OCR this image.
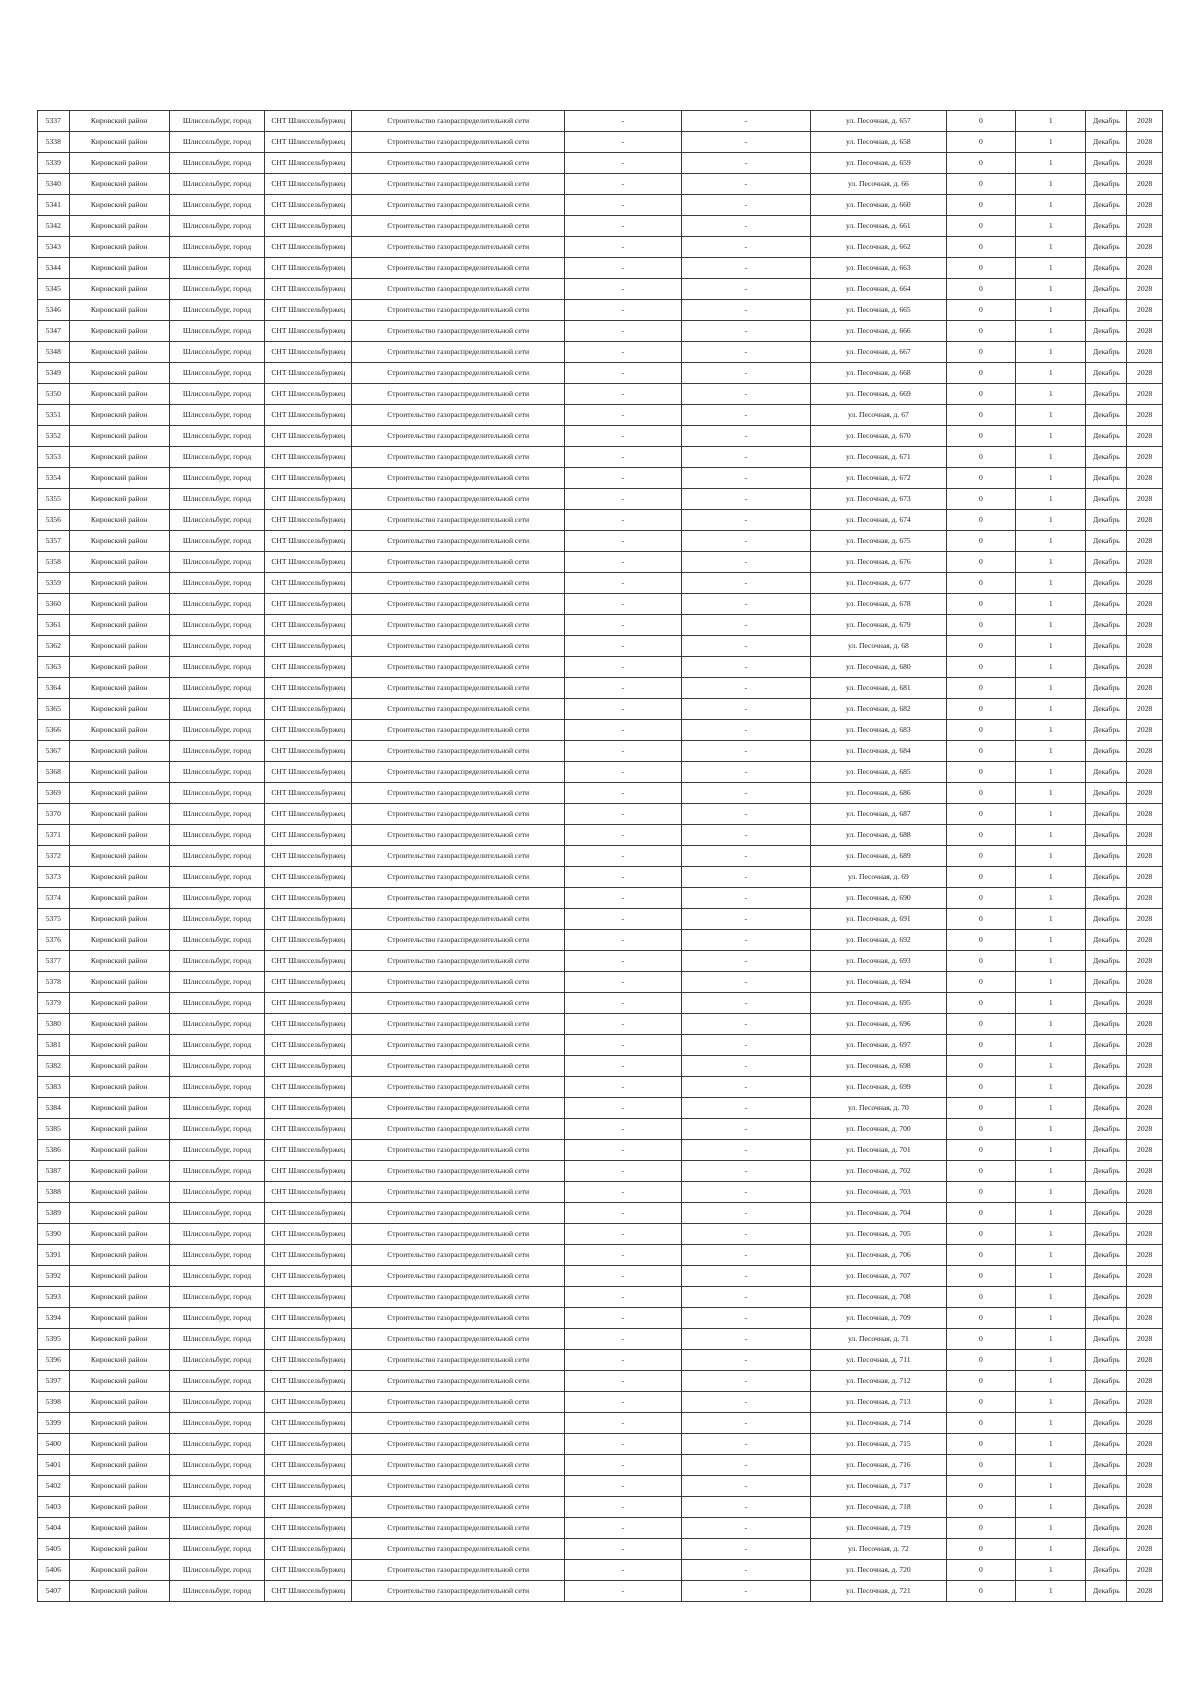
5337	Кировский район	Шлиссельбург, город	СНТ Шлиссельбуржец	Строительство газораспределительной сети	-	-	ул. Песочная, д. 657	0	1	Декабрь	2028
5338	Кировский район	Шлиссельбург, город	СНТ Шлиссельбуржец	Строительство газораспределительной сети	-	-	ул. Песочная, д. 658	0	1	Декабрь	2028
5339	Кировский район	Шлиссельбург, город	СНТ Шлиссельбуржец	Строительство газораспределительной сети	-	-	ул. Песочная, д. 659	0	1	Декабрь	2028
5340	Кировский район	Шлиссельбург, город	СНТ Шлиссельбуржец	Строительство газораспределительной сети	-	-	ул. Песочная, д. 66	0	1	Декабрь	2028
5341	Кировский район	Шлиссельбург, город	СНТ Шлиссельбуржец	Строительство газораспределительной сети	-	-	ул. Песочная, д. 660	0	1	Декабрь	2028
5342	Кировский район	Шлиссельбург, город	СНТ Шлиссельбуржец	Строительство газораспределительной сети	-	-	ул. Песочная, д. 661	0	1	Декабрь	2028
5343	Кировский район	Шлиссельбург, город	СНТ Шлиссельбуржец	Строительство газораспределительной сети	-	-	ул. Песочная, д. 662	0	1	Декабрь	2028
5344	Кировский район	Шлиссельбург, город	СНТ Шлиссельбуржец	Строительство газораспределительной сети	-	-	ул. Песочная, д. 663	0	1	Декабрь	2028
5345	Кировский район	Шлиссельбург, город	СНТ Шлиссельбуржец	Строительство газораспределительной сети	-	-	ул. Песочная, д. 664	0	1	Декабрь	2028
5346	Кировский район	Шлиссельбург, город	СНТ Шлиссельбуржец	Строительство газораспределительной сети	-	-	ул. Песочная, д. 665	0	1	Декабрь	2028
5347	Кировский район	Шлиссельбург, город	СНТ Шлиссельбуржец	Строительство газораспределительной сети	-	-	ул. Песочная, д. 666	0	1	Декабрь	2028
5348	Кировский район	Шлиссельбург, город	СНТ Шлиссельбуржец	Строительство газораспределительной сети	-	-	ул. Песочная, д. 667	0	1	Декабрь	2028
5349	Кировский район	Шлиссельбург, город	СНТ Шлиссельбуржец	Строительство газораспределительной сети	-	-	ул. Песочная, д. 668	0	1	Декабрь	2028
5350	Кировский район	Шлиссельбург, город	СНТ Шлиссельбуржец	Строительство газораспределительной сети	-	-	ул. Песочная, д. 669	0	1	Декабрь	2028
5351	Кировский район	Шлиссельбург, город	СНТ Шлиссельбуржец	Строительство газораспределительной сети	-	-	ул. Песочная, д. 67	0	1	Декабрь	2028
5352	Кировский район	Шлиссельбург, город	СНТ Шлиссельбуржец	Строительство газораспределительной сети	-	-	ул. Песочная, д. 670	0	1	Декабрь	2028
5353	Кировский район	Шлиссельбург, город	СНТ Шлиссельбуржец	Строительство газораспределительной сети	-	-	ул. Песочная, д. 671	0	1	Декабрь	2028
5354	Кировский район	Шлиссельбург, город	СНТ Шлиссельбуржец	Строительство газораспределительной сети	-	-	ул. Песочная, д. 672	0	1	Декабрь	2028
5355	Кировский район	Шлиссельбург, город	СНТ Шлиссельбуржец	Строительство газораспределительной сети	-	-	ул. Песочная, д. 673	0	1	Декабрь	2028
5356	Кировский район	Шлиссельбург, город	СНТ Шлиссельбуржец	Строительство газораспределительной сети	-	-	ул. Песочная, д. 674	0	1	Декабрь	2028
5357	Кировский район	Шлиссельбург, город	СНТ Шлиссельбуржец	Строительство газораспределительной сети	-	-	ул. Песочная, д. 675	0	1	Декабрь	2028
5358	Кировский район	Шлиссельбург, город	СНТ Шлиссельбуржец	Строительство газораспределительной сети	-	-	ул. Песочная, д. 676	0	1	Декабрь	2028
5359	Кировский район	Шлиссельбург, город	СНТ Шлиссельбуржец	Строительство газораспределительной сети	-	-	ул. Песочная, д. 677	0	1	Декабрь	2028
5360	Кировский район	Шлиссельбург, город	СНТ Шлиссельбуржец	Строительство газораспределительной сети	-	-	ул. Песочная, д. 678	0	1	Декабрь	2028
5361	Кировский район	Шлиссельбург, город	СНТ Шлиссельбуржец	Строительство газораспределительной сети	-	-	ул. Песочная, д. 679	0	1	Декабрь	2028
5362	Кировский район	Шлиссельбург, город	СНТ Шлиссельбуржец	Строительство газораспределительной сети	-	-	ул. Песочная, д. 68	0	1	Декабрь	2028
5363	Кировский район	Шлиссельбург, город	СНТ Шлиссельбуржец	Строительство газораспределительной сети	-	-	ул. Песочная, д. 680	0	1	Декабрь	2028
5364	Кировский район	Шлиссельбург, город	СНТ Шлиссельбуржец	Строительство газораспределительной сети	-	-	ул. Песочная, д. 681	0	1	Декабрь	2028
5365	Кировский район	Шлиссельбург, город	СНТ Шлиссельбуржец	Строительство газораспределительной сети	-	-	ул. Песочная, д. 682	0	1	Декабрь	2028
5366	Кировский район	Шлиссельбург, город	СНТ Шлиссельбуржец	Строительство газораспределительной сети	-	-	ул. Песочная, д. 683	0	1	Декабрь	2028
5367	Кировский район	Шлиссельбург, город	СНТ Шлиссельбуржец	Строительство газораспределительной сети	-	-	ул. Песочная, д. 684	0	1	Декабрь	2028
5368	Кировский район	Шлиссельбург, город	СНТ Шлиссельбуржец	Строительство газораспределительной сети	-	-	ул. Песочная, д. 685	0	1	Декабрь	2028
5369	Кировский район	Шлиссельбург, город	СНТ Шлиссельбуржец	Строительство газораспределительной сети	-	-	ул. Песочная, д. 686	0	1	Декабрь	2028
5370	Кировский район	Шлиссельбург, город	СНТ Шлиссельбуржец	Строительство газораспределительной сети	-	-	ул. Песочная, д. 687	0	1	Декабрь	2028
5371	Кировский район	Шлиссельбург, город	СНТ Шлиссельбуржец	Строительство газораспределительной сети	-	-	ул. Песочная, д. 688	0	1	Декабрь	2028
5372	Кировский район	Шлиссельбург, город	СНТ Шлиссельбуржец	Строительство газораспределительной сети	-	-	ул. Песочная, д. 689	0	1	Декабрь	2028
5373	Кировский район	Шлиссельбург, город	СНТ Шлиссельбуржец	Строительство газораспределительной сети	-	-	ул. Песочная, д. 69	0	1	Декабрь	2028
5374	Кировский район	Шлиссельбург, город	СНТ Шлиссельбуржец	Строительство газораспределительной сети	-	-	ул. Песочная, д. 690	0	1	Декабрь	2028
5375	Кировский район	Шлиссельбург, город	СНТ Шлиссельбуржец	Строительство газораспределительной сети	-	-	ул. Песочная, д. 691	0	1	Декабрь	2028
5376	Кировский район	Шлиссельбург, город	СНТ Шлиссельбуржец	Строительство газораспределительной сети	-	-	ул. Песочная, д. 692	0	1	Декабрь	2028
5377	Кировский район	Шлиссельбург, город	СНТ Шлиссельбуржец	Строительство газораспределительной сети	-	-	ул. Песочная, д. 693	0	1	Декабрь	2028
5378	Кировский район	Шлиссельбург, город	СНТ Шлиссельбуржец	Строительство газораспределительной сети	-	-	ул. Песочная, д. 694	0	1	Декабрь	2028
5379	Кировский район	Шлиссельбург, город	СНТ Шлиссельбуржец	Строительство газораспределительной сети	-	-	ул. Песочная, д. 695	0	1	Декабрь	2028
5380	Кировский район	Шлиссельбург, город	СНТ Шлиссельбуржец	Строительство газораспределительной сети	-	-	ул. Песочная, д. 696	0	1	Декабрь	2028
5381	Кировский район	Шлиссельбург, город	СНТ Шлиссельбуржец	Строительство газораспределительной сети	-	-	ул. Песочная, д. 697	0	1	Декабрь	2028
5382	Кировский район	Шлиссельбург, город	СНТ Шлиссельбуржец	Строительство газораспределительной сети	-	-	ул. Песочная, д. 698	0	1	Декабрь	2028
5383	Кировский район	Шлиссельбург, город	СНТ Шлиссельбуржец	Строительство газораспределительной сети	-	-	ул. Песочная, д. 699	0	1	Декабрь	2028
5384	Кировский район	Шлиссельбург, город	СНТ Шлиссельбуржец	Строительство газораспределительной сети	-	-	ул. Песочная, д. 70	0	1	Декабрь	2028
5385	Кировский район	Шлиссельбург, город	СНТ Шлиссельбуржец	Строительство газораспределительной сети	-	-	ул. Песочная, д. 700	0	1	Декабрь	2028
5386	Кировский район	Шлиссельбург, город	СНТ Шлиссельбуржец	Строительство газораспределительной сети	-	-	ул. Песочная, д. 701	0	1	Декабрь	2028
5387	Кировский район	Шлиссельбург, город	СНТ Шлиссельбуржец	Строительство газораспределительной сети	-	-	ул. Песочная, д. 702	0	1	Декабрь	2028
5388	Кировский район	Шлиссельбург, город	СНТ Шлиссельбуржец	Строительство газораспределительной сети	-	-	ул. Песочная, д. 703	0	1	Декабрь	2028
5389	Кировский район	Шлиссельбург, город	СНТ Шлиссельбуржец	Строительство газораспределительной сети	-	-	ул. Песочная, д. 704	0	1	Декабрь	2028
5390	Кировский район	Шлиссельбург, город	СНТ Шлиссельбуржец	Строительство газораспределительной сети	-	-	ул. Песочная, д. 705	0	1	Декабрь	2028
5391	Кировский район	Шлиссельбург, город	СНТ Шлиссельбуржец	Строительство газораспределительной сети	-	-	ул. Песочная, д. 706	0	1	Декабрь	2028
5392	Кировский район	Шлиссельбург, город	СНТ Шлиссельбуржец	Строительство газораспределительной сети	-	-	ул. Песочная, д. 707	0	1	Декабрь	2028
5393	Кировский район	Шлиссельбург, город	СНТ Шлиссельбуржец	Строительство газораспределительной сети	-	-	ул. Песочная, д. 708	0	1	Декабрь	2028
5394	Кировский район	Шлиссельбург, город	СНТ Шлиссельбуржец	Строительство газораспределительной сети	-	-	ул. Песочная, д. 709	0	1	Декабрь	2028
5395	Кировский район	Шлиссельбург, город	СНТ Шлиссельбуржец	Строительство газораспределительной сети	-	-	ул. Песочная, д. 71	0	1	Декабрь	2028
5396	Кировский район	Шлиссельбург, город	СНТ Шлиссельбуржец	Строительство газораспределительной сети	-	-	ул. Песочная, д. 711	0	1	Декабрь	2028
5397	Кировский район	Шлиссельбург, город	СНТ Шлиссельбуржец	Строительство газораспределительной сети	-	-	ул. Песочная, д. 712	0	1	Декабрь	2028
5398	Кировский район	Шлиссельбург, город	СНТ Шлиссельбуржец	Строительство газораспределительной сети	-	-	ул. Песочная, д. 713	0	1	Декабрь	2028
5399	Кировский район	Шлиссельбург, город	СНТ Шлиссельбуржец	Строительство газораспределительной сети	-	-	ул. Песочная, д. 714	0	1	Декабрь	2028
5400	Кировский район	Шлиссельбург, город	СНТ Шлиссельбуржец	Строительство газораспределительной сети	-	-	ул. Песочная, д. 715	0	1	Декабрь	2028
5401	Кировский район	Шлиссельбург, город	СНТ Шлиссельбуржец	Строительство газораспределительной сети	-	-	ул. Песочная, д. 716	0	1	Декабрь	2028
5402	Кировский район	Шлиссельбург, город	СНТ Шлиссельбуржец	Строительство газораспределительной сети	-	-	ул. Песочная, д. 717	0	1	Декабрь	2028
5403	Кировский район	Шлиссельбург, город	СНТ Шлиссельбуржец	Строительство газораспределительной сети	-	-	ул. Песочная, д. 718	0	1	Декабрь	2028
5404	Кировский район	Шлиссельбург, город	СНТ Шлиссельбуржец	Строительство газораспределительной сети	-	-	ул. Песочная, д. 719	0	1	Декабрь	2028
5405	Кировский район	Шлиссельбург, город	СНТ Шлиссельбуржец	Строительство газораспределительной сети	-	-	ул. Песочная, д. 72	0	1	Декабрь	2028
5406	Кировский район	Шлиссельбург, город	СНТ Шлиссельбуржец	Строительство газораспределительной сети	-	-	ул. Песочная, д. 720	0	1	Декабрь	2028
5407	Кировский район	Шлиссельбург, город	СНТ Шлиссельбуржец	Строительство газораспределительной сети	-	-	ул. Песочная, д. 721	0	1	Декабрь	2028
